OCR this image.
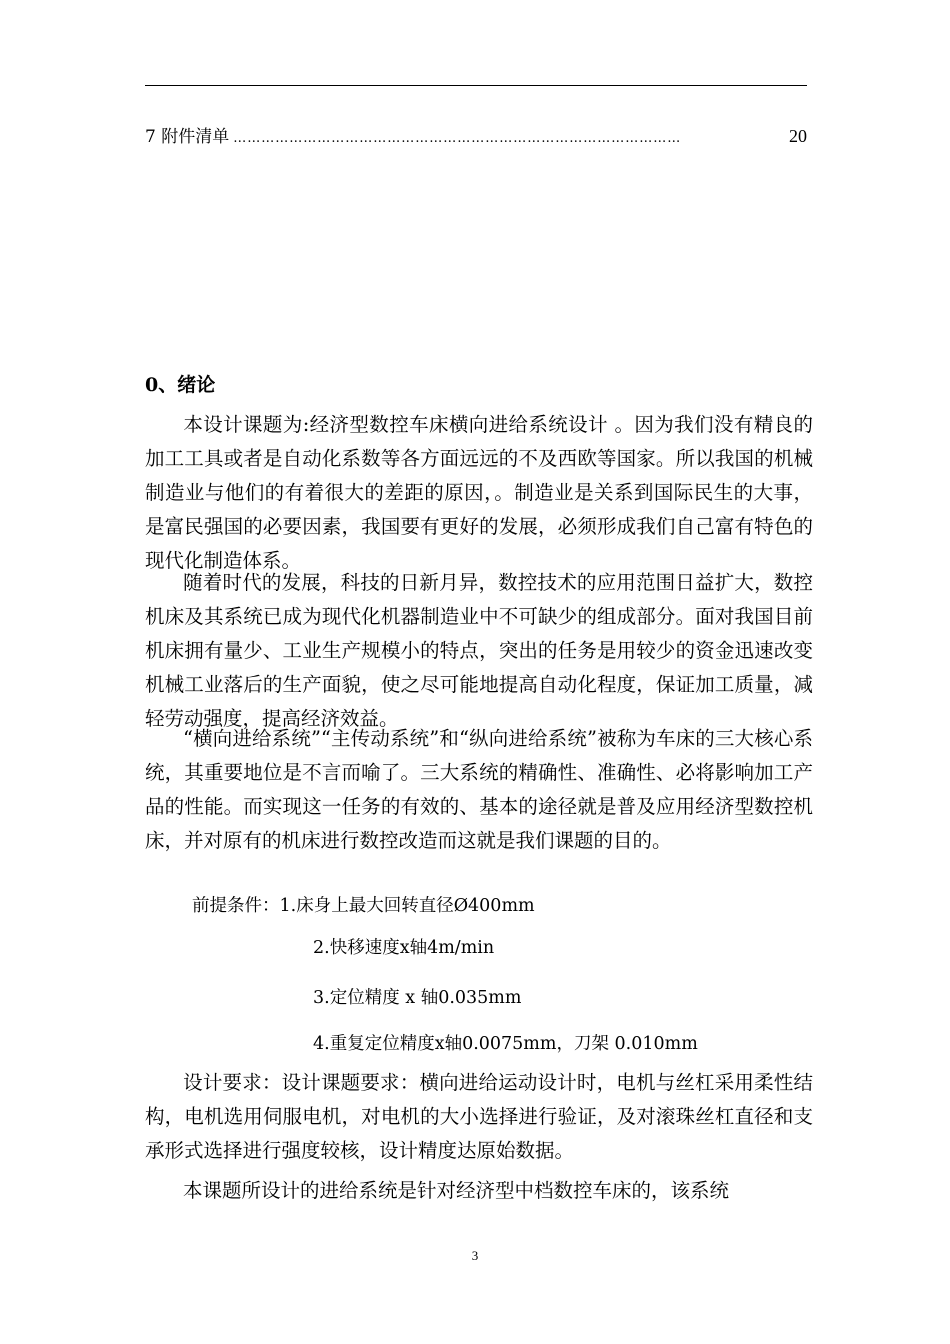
7 附件清单 ……………………………………………………………………………………	20
0、绪论

本设计课题为:经济型数控车床横向进给系统设计 。因为我们没有精良的加工工具或者是自动化系数等各方面远远的不及西欧等国家。所以我国的机械制造业与他们的有着很大的差距的原因，。制造业是关系到国际民生的大事，是富民强国的必要因素，我国要有更好的发展，必须形成我们自己富有特色的现代化制造体系。

随着时代的发展，科技的日新月异，数控技术的应用范围日益扩大，数控机床及其系统已成为现代化机器制造业中不可缺少的组成部分。面对我国目前机床拥有量少、工业生产规模小的特点，突出的任务是用较少的资金迅速改变机械工业落后的生产面貌，使之尽可能地提高自动化程度，保证加工质量，减轻劳动强度，提高经济效益。

“横向进给系统”“主传动系统”和“纵向进给系统”被称为车床的三大核心系统，其重要地位是不言而喻了。三大系统的精确性、准确性、必将影响加工产品的性能。而实现这一任务的有效的、基本的途径就是普及应用经济型数控机床，并对原有的机床进行数控改造而这就是我们课题的目的。

前提条件：1.床身上最大回转直径Ø400mm
2.快移速度x轴4m/min
3.定位精度 x 轴0.035mm
4.重复定位精度x轴0.0075mm，刀架 0.010mm

设计要求：设计课题要求：横向进给运动设计时，电机与丝杠采用柔性结构，电机选用伺服电机，对电机的大小选择进行验证，及对滚珠丝杠直径和支承形式选择进行强度较核，设计精度达原始数据。

本课题所设计的进给系统是针对经济型中档数控车床的，该系统

3
